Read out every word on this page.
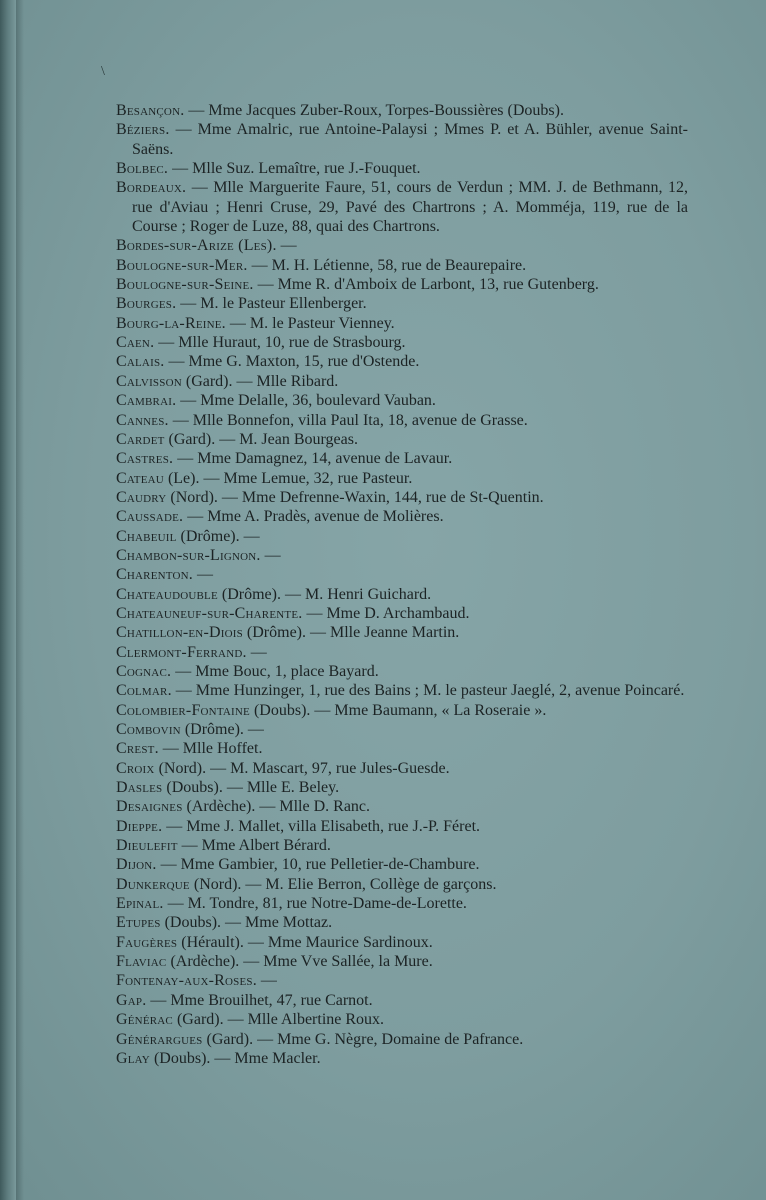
\
Besançon. — Mme Jacques Zuber-Roux, Torpes-Boussières (Doubs).
Béziers. — Mme Amalric, rue Antoine-Palaysi ; Mmes P. et A. Bühler, avenue Saint-Saëns.
Bolbec. — Mlle Suz. Lemaître, rue J.-Fouquet.
Bordeaux. — Mlle Marguerite Faure, 51, cours de Verdun ; MM. J. de Bethmann, 12, rue d'Aviau ; Henri Cruse, 29, Pavé des Chartrons ; A. Momméja, 119, rue de la Course ; Roger de Luze, 88, quai des Chartrons.
Bordes-sur-Arize (Les). —
Boulogne-sur-Mer. — M. H. Létienne, 58, rue de Beaurepaire.
Boulogne-sur-Seine. — Mme R. d'Amboix de Larbont, 13, rue Gutenberg.
Bourges. — M. le Pasteur Ellenberger.
Bourg-la-Reine. — M. le Pasteur Vienney.
Caen. — Mlle Huraut, 10, rue de Strasbourg.
Calais. — Mme G. Maxton, 15, rue d'Ostende.
Calvisson (Gard). — Mlle Ribard.
Cambrai. — Mme Delalle, 36, boulevard Vauban.
Cannes. — Mlle Bonnefon, villa Paul Ita, 18, avenue de Grasse.
Cardet (Gard). — M. Jean Bourgeas.
Castres. — Mme Damagnez, 14, avenue de Lavaur.
Cateau (Le). — Mme Lemue, 32, rue Pasteur.
Caudry (Nord). — Mme Defrenne-Waxin, 144, rue de St-Quentin.
Caussade. — Mme A. Pradès, avenue de Molières.
Chabeuil (Drôme). —
Chambon-sur-Lignon. —
Charenton. —
Chateaudouble (Drôme). — M. Henri Guichard.
Chateauneuf-sur-Charente. — Mme D. Archambaud.
Chatillon-en-Diois (Drôme). — Mlle Jeanne Martin.
Clermont-Ferrand. —
Cognac. — Mme Bouc, 1, place Bayard.
Colmar. — Mme Hunzinger, 1, rue des Bains ; M. le pasteur Jaeglé, 2, avenue Poincaré.
Colombier-Fontaine (Doubs). — Mme Baumann, « La Roseraie ».
Combovin (Drôme). —
Crest. — Mlle Hoffet.
Croix (Nord). — M. Mascart, 97, rue Jules-Guesde.
Dasles (Doubs). — Mlle E. Beley.
Desaignes (Ardèche). — Mlle D. Ranc.
Dieppe. — Mme J. Mallet, villa Elisabeth, rue J.-P. Féret.
Dieulefit — Mme Albert Bérard.
Dijon. — Mme Gambier, 10, rue Pelletier-de-Chambure.
Dunkerque (Nord). — M. Elie Berron, Collège de garçons.
Epinal. — M. Tondre, 81, rue Notre-Dame-de-Lorette.
Etupes (Doubs). — Mme Mottaz.
Faugères (Hérault). — Mme Maurice Sardinoux.
Flaviac (Ardèche). — Mme Vve Sallée, la Mure.
Fontenay-aux-Roses. —
Gap. — Mme Brouilhet, 47, rue Carnot.
Générac (Gard). — Mlle Albertine Roux.
Générargues (Gard). — Mme G. Nègre, Domaine de Pafrance.
Glay (Doubs). — Mme Macler.
